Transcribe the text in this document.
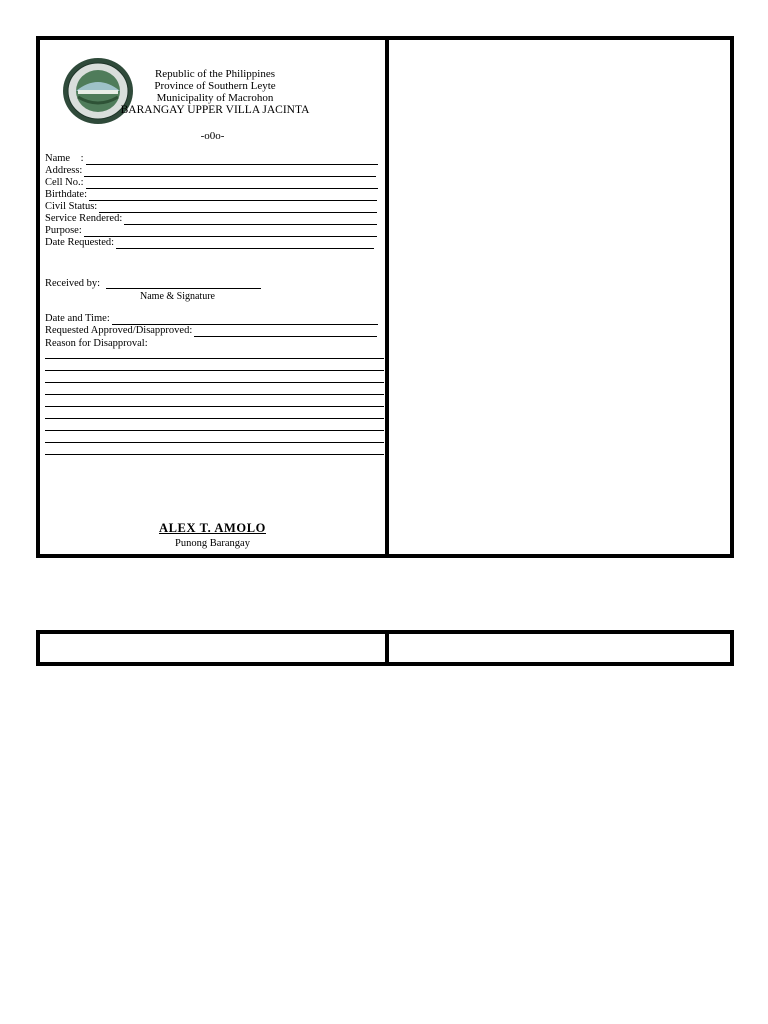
Republic of the Philippines
Province of Southern Leyte
Municipality of Macrohon
BARANGAY UPPER VILLA JACINTA
-o0o-
Name    :
Address:
Cell No.:
Birthdate:
Civil Status:
Service Rendered:
Purpose:
Date Requested:
Received by:
Name & Signature
Date and Time:
Requested Approved/Disapproved:
Reason for Disapproval:
ALEX T. AMOLO
Punong Barangay
